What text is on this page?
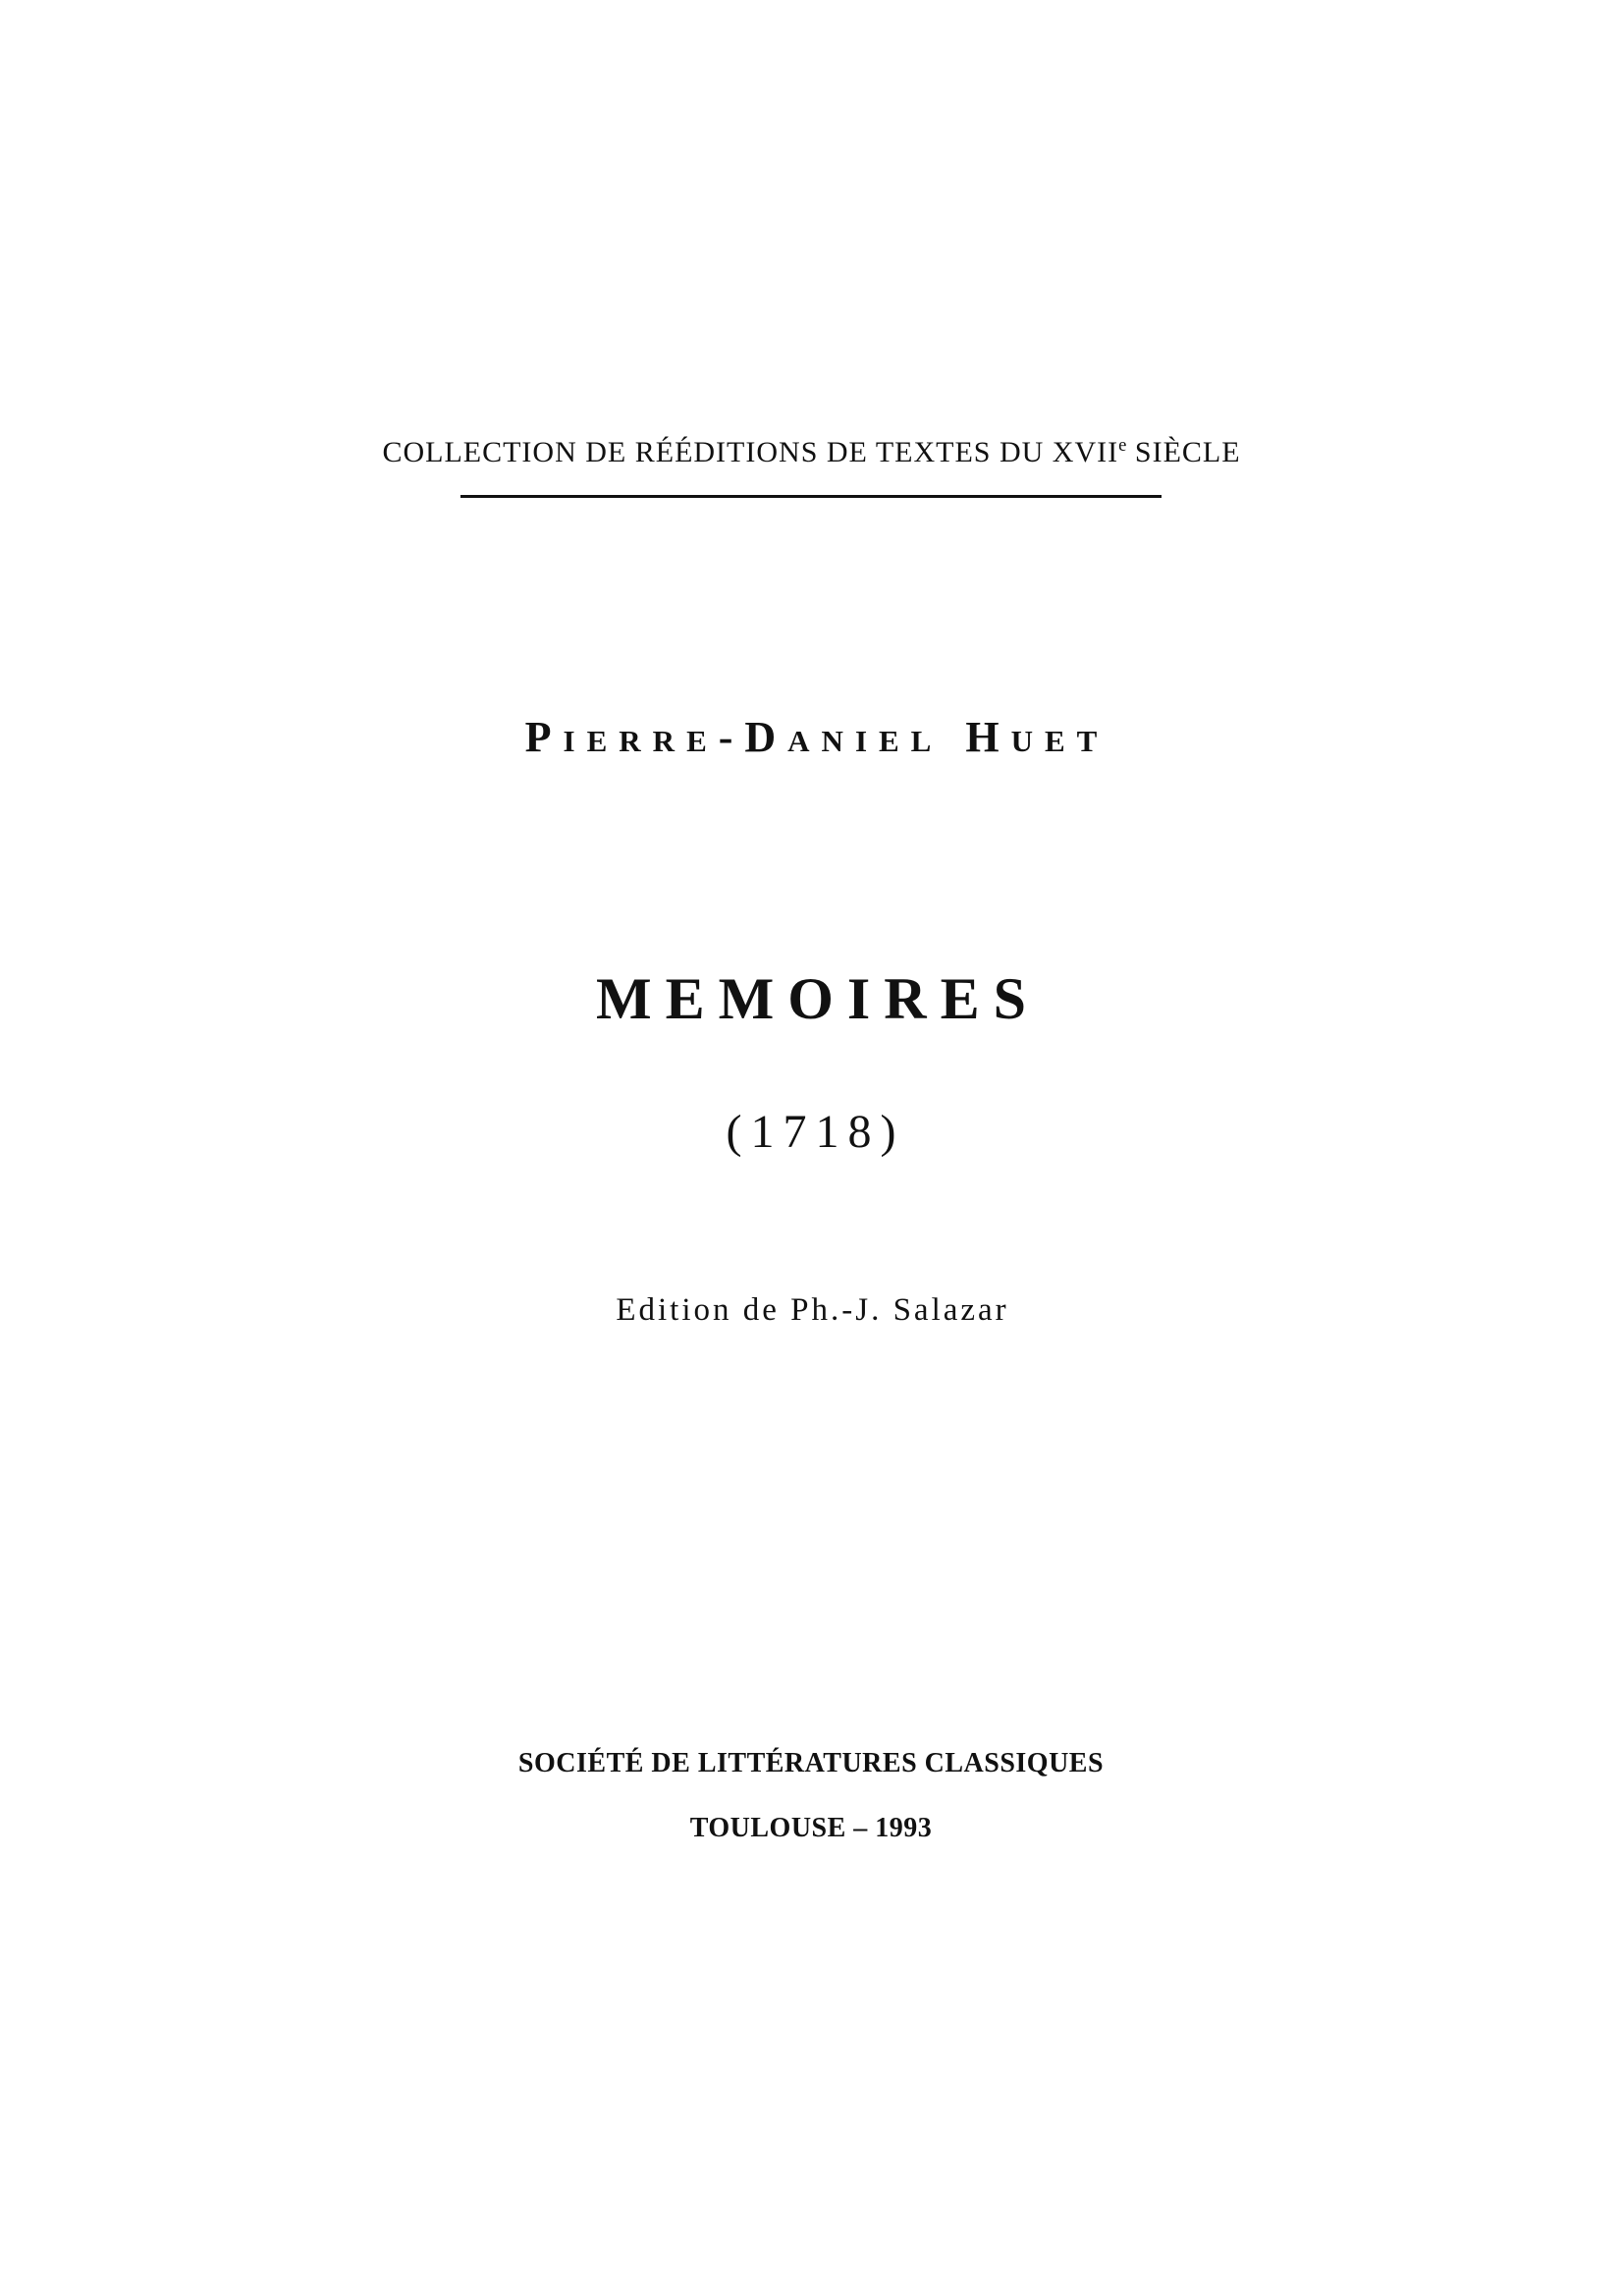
COLLECTION DE RÉÉDITIONS DE TEXTES DU XVIIe SIÈCLE
Pierre-Daniel Huet
MEMOIRES
(1718)
Edition de Ph.-J. Salazar
SOCIÉTÉ DE LITTÉRATURES CLASSIQUES
TOULOUSE – 1993
